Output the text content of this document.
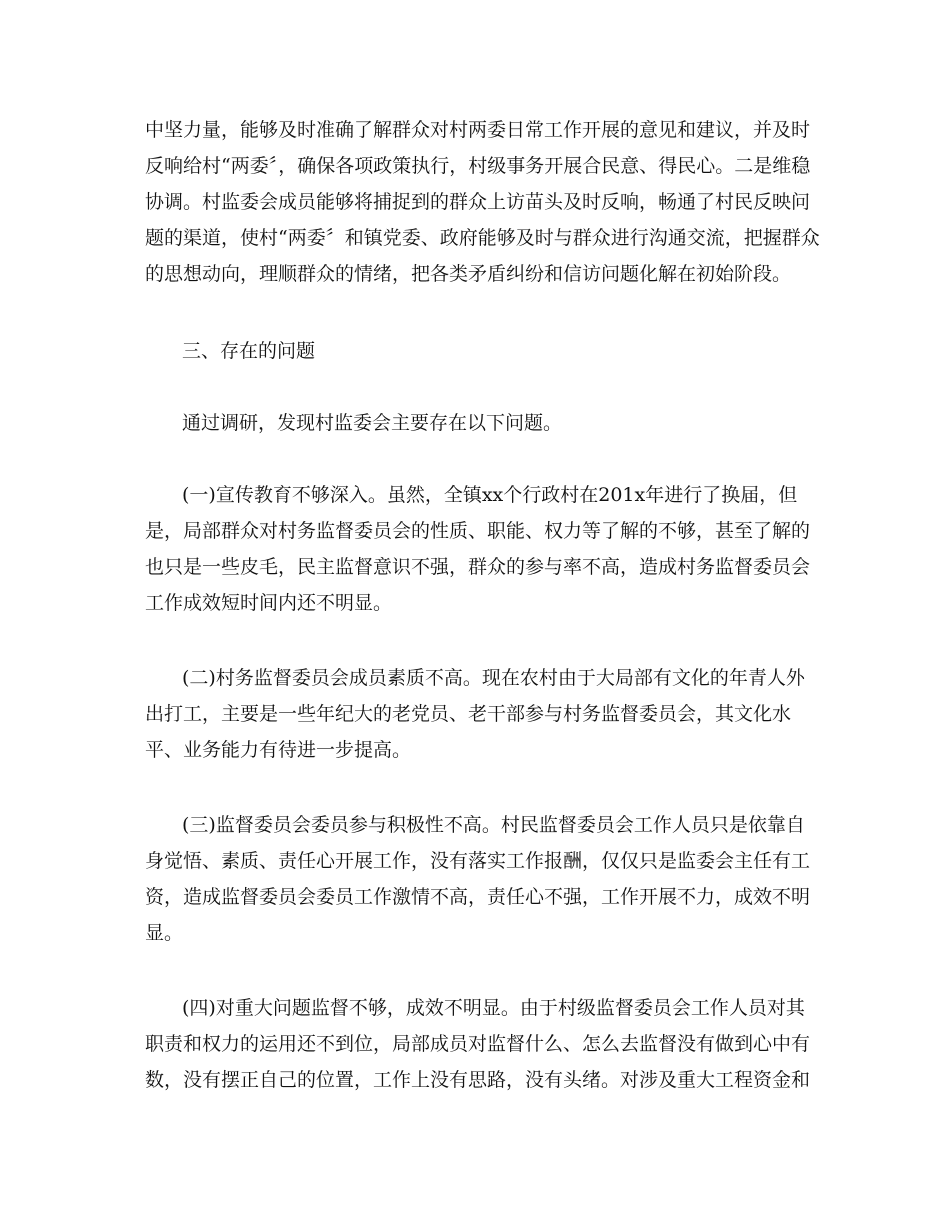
中坚力量，能够及时准确了解群众对村两委日常工作开展的意见和建议，并及时

反响给村“两委〞，确保各项政策执行，村级事务开展合民意、得民心。二是维稳

协调。村监委会成员能够将捕捉到的群众上访苗头及时反响，畅通了村民反映问

题的渠道，使村“两委〞和镇党委、政府能够及时与群众进行沟通交流，把握群众

的思想动向，理顺群众的情绪，把各类矛盾纠纷和信访问题化解在初始阶段。

三、存在的问题

通过调研，发现村监委会主要存在以下问题。

(一)宣传教育不够深入。虽然，全镇xx个行政村在201x年进行了换届，但

是，局部群众对村务监督委员会的性质、职能、权力等了解的不够，甚至了解的

也只是一些皮毛，民主监督意识不强，群众的参与率不高，造成村务监督委员会

工作成效短时间内还不明显。

(二)村务监督委员会成员素质不高。现在农村由于大局部有文化的年青人外

出打工，主要是一些年纪大的老党员、老干部参与村务监督委员会，其文化水

平、业务能力有待进一步提高。

(三)监督委员会委员参与积极性不高。村民监督委员会工作人员只是依靠自

身觉悟、素质、责任心开展工作，没有落实工作报酬，仅仅只是监委会主任有工

资，造成监督委员会委员工作激情不高，责任心不强，工作开展不力，成效不明

显。

(四)对重大问题监督不够，成效不明显。由于村级监督委员会工作人员对其

职责和权力的运用还不到位，局部成员对监督什么、怎么去监督没有做到心中有

数，没有摆正自己的位置，工作上没有思路，没有头绪。对涉及重大工程资金和
